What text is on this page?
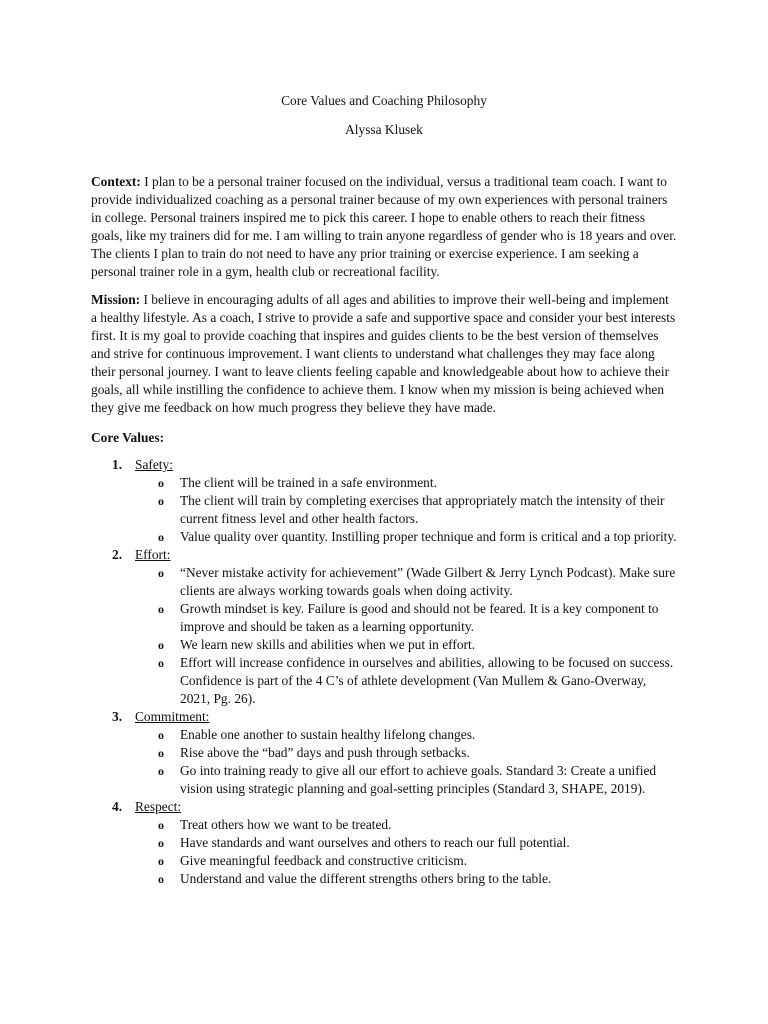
Core Values and Coaching Philosophy

Alyssa Klusek

Context: I plan to be a personal trainer focused on the individual, versus a traditional team coach. I want to provide individualized coaching as a personal trainer because of my own experiences with personal trainers in college. Personal trainers inspired me to pick this career. I hope to enable others to reach their fitness goals, like my trainers did for me. I am willing to train anyone regardless of gender who is 18 years and over. The clients I plan to train do not need to have any prior training or exercise experience. I am seeking a personal trainer role in a gym, health club or recreational facility.

Mission: I believe in encouraging adults of all ages and abilities to improve their well-being and implement a healthy lifestyle. As a coach, I strive to provide a safe and supportive space and consider your best interests first. It is my goal to provide coaching that inspires and guides clients to be the best version of themselves and strive for continuous improvement. I want clients to understand what challenges they may face along their personal journey. I want to leave clients feeling capable and knowledgeable about how to achieve their goals, all while instilling the confidence to achieve them. I know when my mission is being achieved when they give me feedback on how much progress they believe they have made.

Core Values:
1. Safety:
o The client will be trained in a safe environment.
o The client will train by completing exercises that appropriately match the intensity of their current fitness level and other health factors.
o Value quality over quantity. Instilling proper technique and form is critical and a top priority.
2. Effort:
o “Never mistake activity for achievement” (Wade Gilbert & Jerry Lynch Podcast). Make sure clients are always working towards goals when doing activity.
o Growth mindset is key. Failure is good and should not be feared. It is a key component to improve and should be taken as a learning opportunity.
o We learn new skills and abilities when we put in effort.
o Effort will increase confidence in ourselves and abilities, allowing to be focused on success. Confidence is part of the 4 C’s of athlete development (Van Mullem & Gano-Overway, 2021, Pg. 26).
3. Commitment:
o Enable one another to sustain healthy lifelong changes.
o Rise above the “bad” days and push through setbacks.
o Go into training ready to give all our effort to achieve goals. Standard 3: Create a unified vision using strategic planning and goal-setting principles (Standard 3, SHAPE, 2019).
4. Respect:
o Treat others how we want to be treated.
o Have standards and want ourselves and others to reach our full potential.
o Give meaningful feedback and constructive criticism.
o Understand and value the different strengths others bring to the table.
